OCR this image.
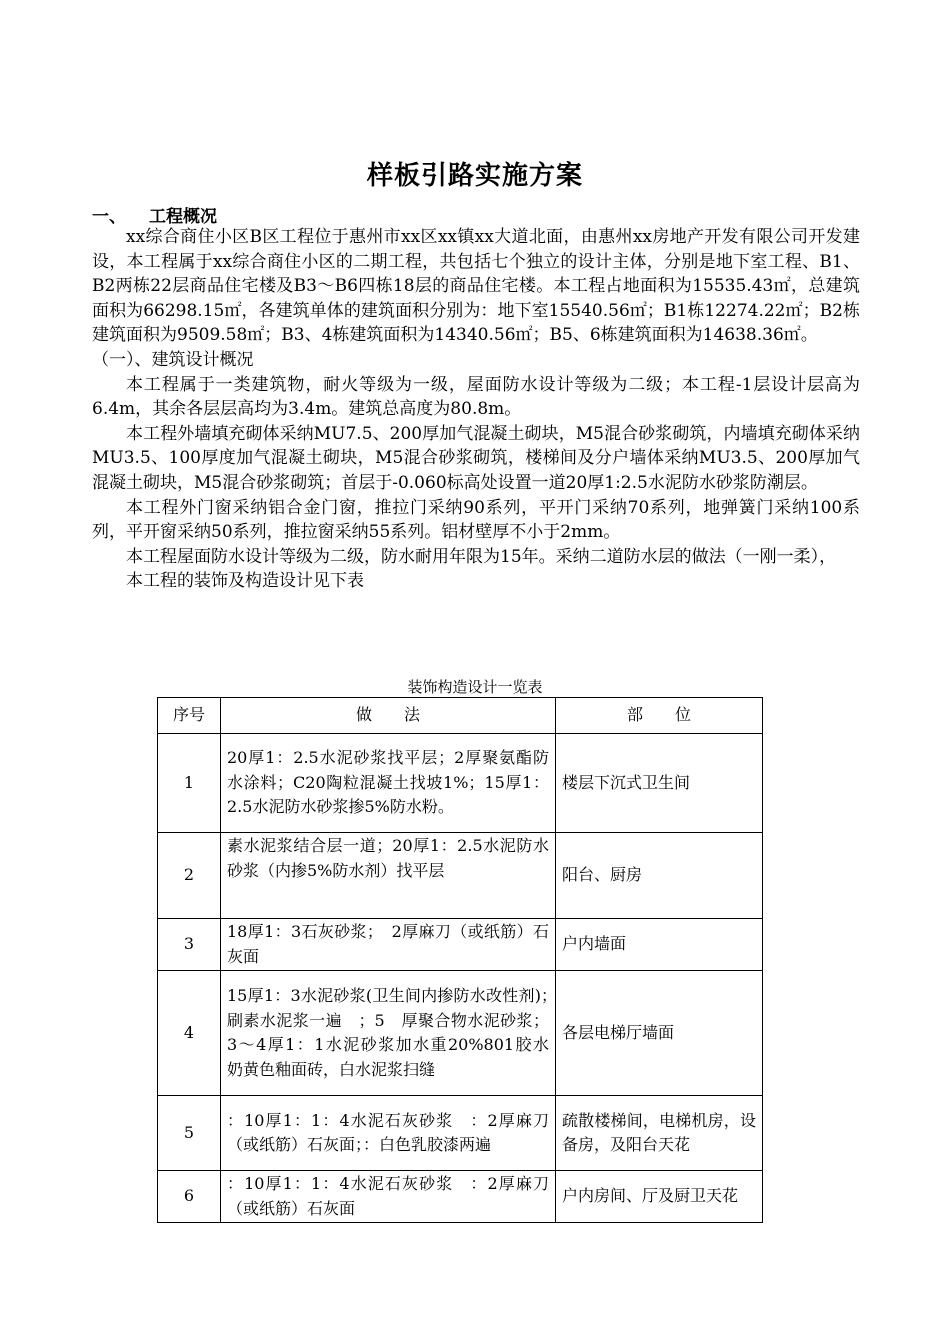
样板引路实施方案
一、 工程概况

xx综合商住小区B区工程位于惠州市xx区xx镇xx大道北面，由惠州xx房地产开发有限公司开发建设，本工程属于xx综合商住小区的二期工程，共包括七个独立的设计主体，分别是地下室工程、B1、B2两栋22层商品住宅楼及B3～B6四栋18层的商品住宅楼。本工程占地面积为15535.43㎡，总建筑面积为66298.15㎡，各建筑单体的建筑面积分别为：地下室15540.56㎡；B1栋12274.22㎡；B2栋建筑面积为9509.58㎡；B3、4栋建筑面积为14340.56㎡；B5、6栋建筑面积为14638.36㎡。

（一）、建筑设计概况

本工程属于一类建筑物，耐火等级为一级，屋面防水设计等级为二级；本工程-1层设计层高为6.4m，其余各层层高均为3.4m。建筑总高度为80.8m。

本工程外墙填充砌体采纳MU7.5、200厚加气混凝土砌块，M5混合砂浆砌筑，内墙填充砌体采纳MU3.5、100厚度加气混凝土砌块，M5混合砂浆砌筑，楼梯间及分户墙体采纳MU3.5、200厚加气混凝土砌块，M5混合砂浆砌筑；首层于-0.060标高处设置一道20厚1:2.5水泥防水砂浆防潮层。

本工程外门窗采纳铝合金门窗，推拉门采纳90系列，平开门采纳70系列，地弹簧门采纳100系列，平开窗采纳50系列，推拉窗采纳55系列。铝材壁厚不小于2mm。

本工程屋面防水设计等级为二级，防水耐用年限为15年。采纳二道防水层的做法（一刚一柔），

本工程的装饰及构造设计见下表

装饰构造设计一览表
序号	做　　法	部　　位
1	20厚1：2.5水泥砂浆找平层；2厚聚氨酯防水涂料；C20陶粒混凝土找坡1%；15厚1：2.5水泥防水砂浆掺5%防水粉。	楼层下沉式卫生间
2	素水泥浆结合层一道；20厚1：2.5水泥防水砂浆（内掺5%防水剂）找平层	阳台、厨房
3	18厚1：3石灰砂浆；　2厚麻刀（或纸筋）石灰面	户内墙面
4	15厚1：3水泥砂浆(卫生间内掺防水改性剂)；　刷素水泥浆一遍　；5　厚聚合物水泥砂浆；3～4厚1：1水泥砂浆加水重20%801胶水　奶黄色釉面砖，白水泥浆扫缝	各层电梯厅墙面
5	：10厚1：1：4水泥石灰砂浆　：2厚麻刀（或纸筋）石灰面；：白色乳胶漆两遍	疏散楼梯间，电梯机房，设备房，及阳台天花
6	：10厚1：1：4水泥石灰砂浆　：2厚麻刀（或纸筋）石灰面	户内房间、厅及厨卫天花
